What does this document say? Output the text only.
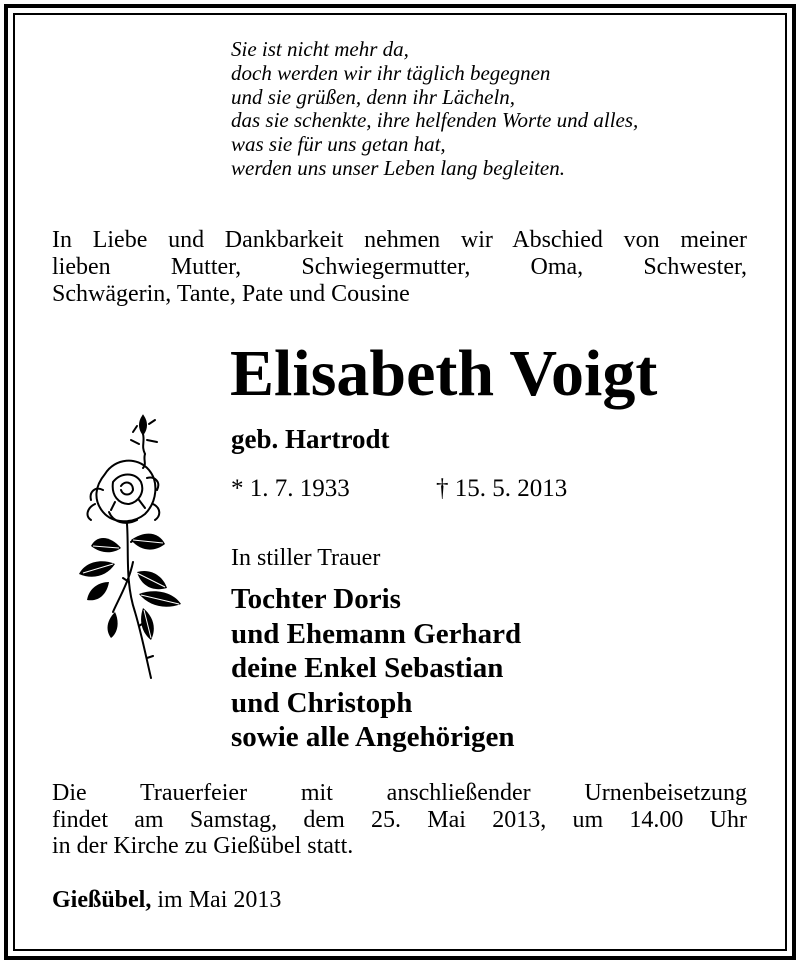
Sie ist nicht mehr da,
doch werden wir ihr täglich begegnen
und sie grüßen, denn ihr Lächeln,
das sie schenkte, ihre helfenden Worte und alles,
was sie für uns getan hat,
werden uns unser Leben lang begleiten.
In Liebe und Dankbarkeit nehmen wir Abschied von meiner
lieben Mutter, Schwiegermutter, Oma, Schwester,
Schwägerin, Tante, Pate und Cousine
Elisabeth Voigt
geb. Hartrodt
* 1. 7. 1933	† 15. 5. 2013
In stiller Trauer
Tochter Doris
und Ehemann Gerhard
deine Enkel Sebastian
und Christoph
sowie alle Angehörigen
Die Trauerfeier mit anschließender Urnenbeisetzung
findet am Samstag, dem 25. Mai 2013, um 14.00 Uhr
in der Kirche zu Gießübel statt.
Gießübel, im Mai 2013
